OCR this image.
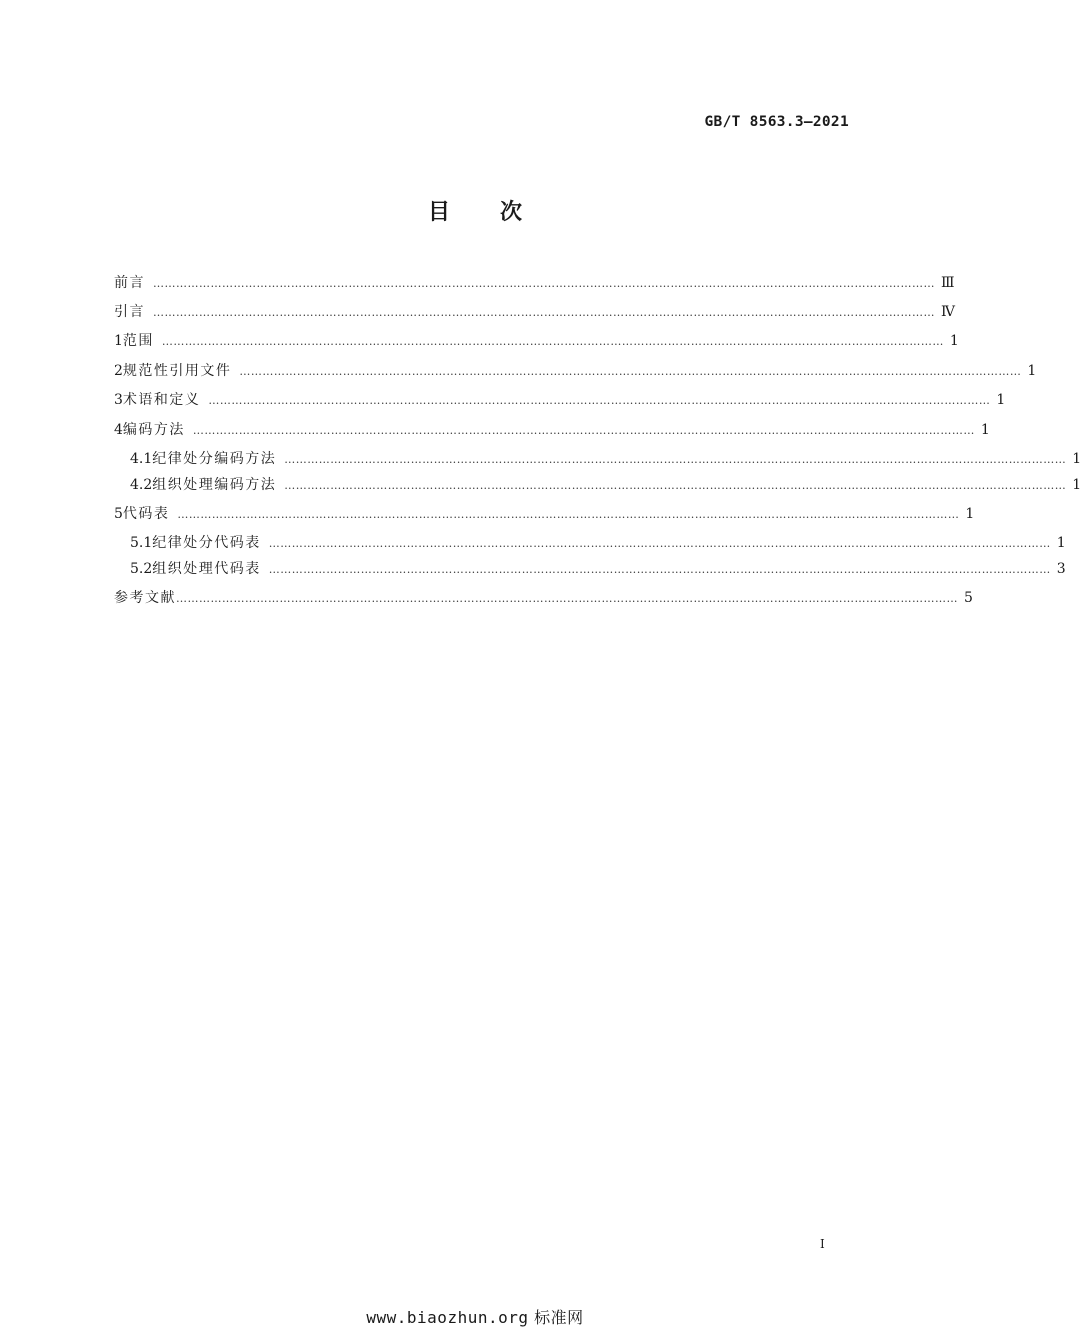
GB/T 8563.3—2021
目次
前言 …………………………………………………………………………………………………………………………………………………………………………………… Ⅲ
引言 …………………………………………………………………………………………………………………………………………………………………………………… Ⅳ
1 范围 …………………………………………………………………………………………………………………………………………………………………………………… 1
2 规范性引用文件 …………………………………………………………………………………………………………………………………………………………………………………… 1
3 术语和定义 …………………………………………………………………………………………………………………………………………………………………………………… 1
4 编码方法 …………………………………………………………………………………………………………………………………………………………………………………… 1
4.1 纪律处分编码方法 …………………………………………………………………………………………………………………………………………………………………………………… 1
4.2 组织处理编码方法 …………………………………………………………………………………………………………………………………………………………………………………… 1
5 代码表 …………………………………………………………………………………………………………………………………………………………………………………… 1
5.1 纪律处分代码表 …………………………………………………………………………………………………………………………………………………………………………………… 1
5.2 组织处理代码表 …………………………………………………………………………………………………………………………………………………………………………………… 3
参考文献 …………………………………………………………………………………………………………………………………………………………………………………… 5
I
www.biaozhun.org 标准网
